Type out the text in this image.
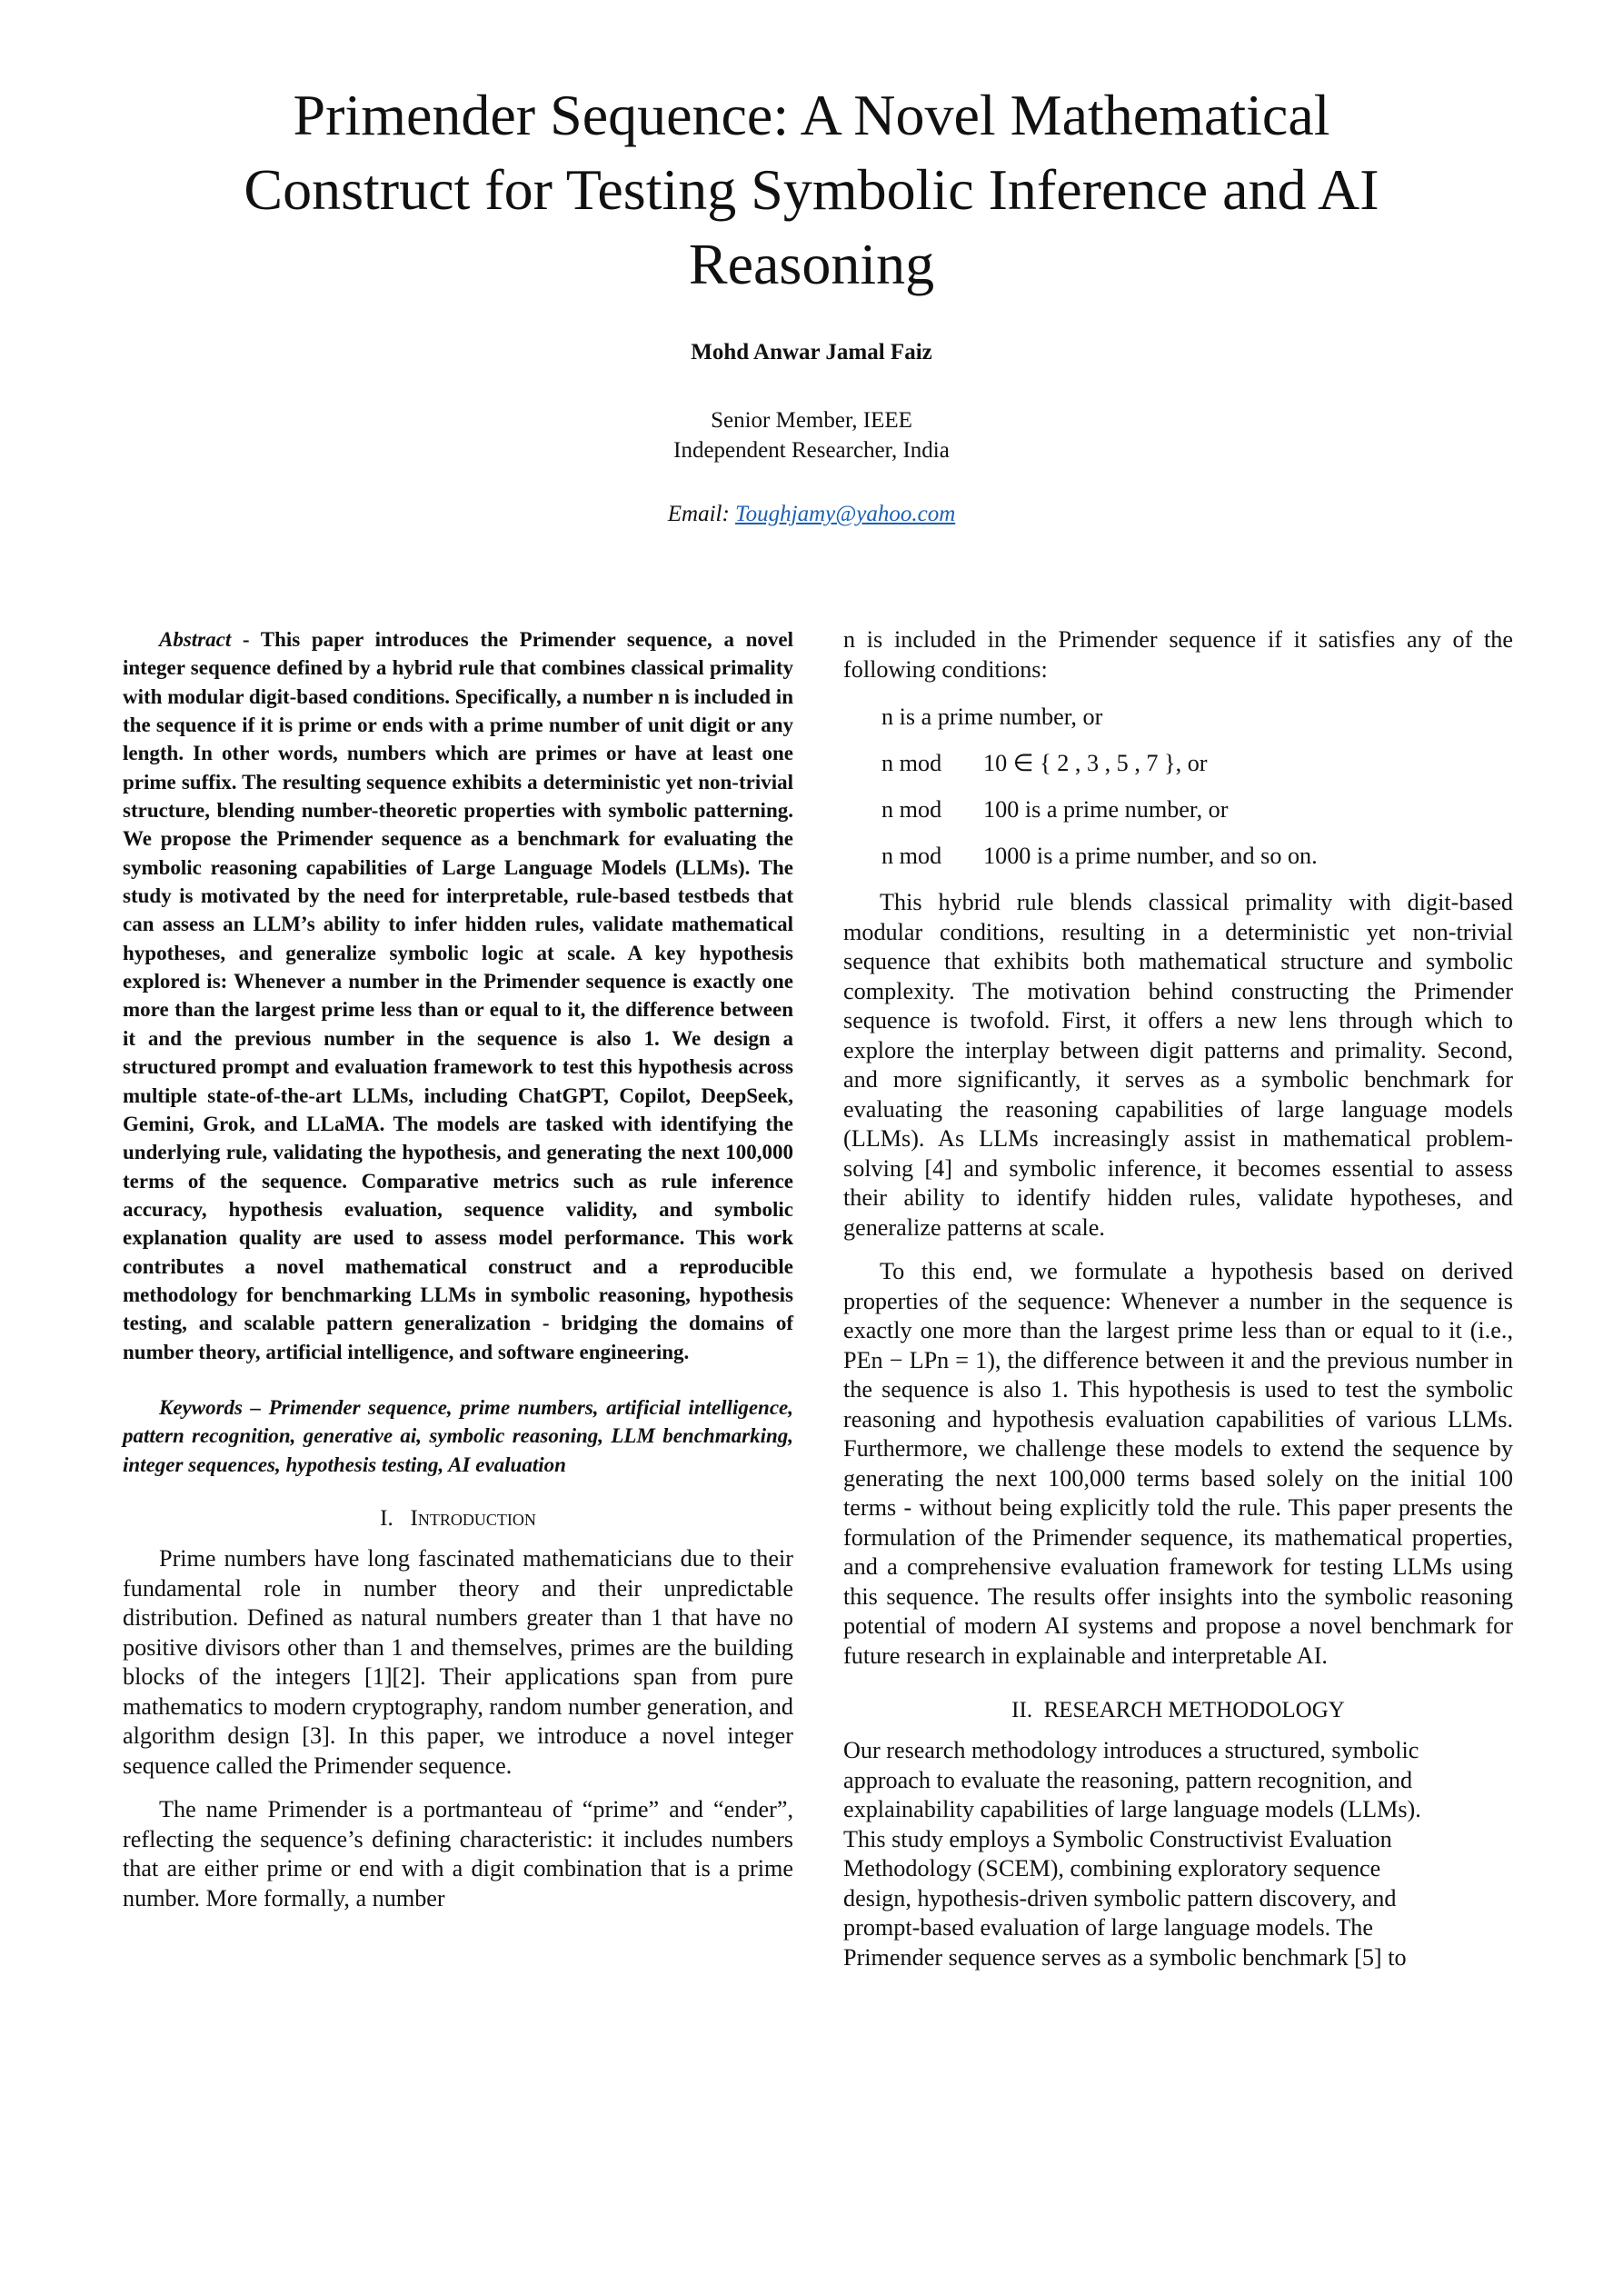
Primender Sequence: A Novel Mathematical
Construct for Testing Symbolic Inference and AI
Reasoning
Mohd Anwar Jamal Faiz
Senior Member, IEEE
Independent Researcher, India
Email: Toughjamy@yahoo.com

Abstract - This paper introduces the Primender sequence, a novel integer sequence defined by a hybrid rule that combines classical primality with modular digit-based conditions. Specifically, a number n is included in the sequence if it is prime or ends with a prime number of unit digit or any length. In other words, numbers which are primes or have at least one prime suffix. The resulting sequence exhibits a deterministic yet non-trivial structure, blending number-theoretic properties with symbolic patterning. We propose the Primender sequence as a benchmark for evaluating the symbolic reasoning capabilities of Large Language Models (LLMs). The study is motivated by the need for interpretable, rule-based testbeds that can assess an LLM’s ability to infer hidden rules, validate mathematical hypotheses, and generalize symbolic logic at scale. A key hypothesis explored is: Whenever a number in the Primender sequence is exactly one more than the largest prime less than or equal to it, the difference between it and the previous number in the sequence is also 1. We design a structured prompt and evaluation framework to test this hypothesis across multiple state-of-the-art LLMs, including ChatGPT, Copilot, DeepSeek, Gemini, Grok, and LLaMA. The models are tasked with identifying the underlying rule, validating the hypothesis, and generating the next 100,000 terms of the sequence. Comparative metrics such as rule inference accuracy, hypothesis evaluation, sequence validity, and symbolic explanation quality are used to assess model performance. This work contributes a novel mathematical construct and a reproducible methodology for benchmarking LLMs in symbolic reasoning, hypothesis testing, and scalable pattern generalization - bridging the domains of number theory, artificial intelligence, and software engineering.

Keywords – Primender sequence, prime numbers, artificial intelligence, pattern recognition, generative ai, symbolic reasoning, LLM benchmarking, integer sequences, hypothesis testing, AI evaluation

I. Introduction

Prime numbers have long fascinated mathematicians due to their fundamental role in number theory and their unpredictable distribution. Defined as natural numbers greater than 1 that have no positive divisors other than 1 and themselves, primes are the building blocks of the integers [1][2]. Their applications span from pure mathematics to modern cryptography, random number generation, and algorithm design [3]. In this paper, we introduce a novel integer sequence called the Primender sequence.

The name Primender is a portmanteau of “prime” and “ender”, reflecting the sequence’s defining characteristic: it includes numbers that are either prime or end with a digit combination that is a prime number. More formally, a number

n is included in the Primender sequence if it satisfies any of the following conditions:

n is a prime number, or
n mod 10 ∈ { 2 , 3 , 5 , 7 }, or
n mod 100 is a prime number, or
n mod 1000 is a prime number, and so on.

This hybrid rule blends classical primality with digit-based modular conditions, resulting in a deterministic yet non-trivial sequence that exhibits both mathematical structure and symbolic complexity. The motivation behind constructing the Primender sequence is twofold. First, it offers a new lens through which to explore the interplay between digit patterns and primality. Second, and more significantly, it serves as a symbolic benchmark for evaluating the reasoning capabilities of large language models (LLMs). As LLMs increasingly assist in mathematical problem-solving [4] and symbolic inference, it becomes essential to assess their ability to identify hidden rules, validate hypotheses, and generalize patterns at scale.

To this end, we formulate a hypothesis based on derived properties of the sequence: Whenever a number in the sequence is exactly one more than the largest prime less than or equal to it (i.e., PEn − LPn = 1), the difference between it and the previous number in the sequence is also 1. This hypothesis is used to test the symbolic reasoning and hypothesis evaluation capabilities of various LLMs. Furthermore, we challenge these models to extend the sequence by generating the next 100,000 terms based solely on the initial 100 terms - without being explicitly told the rule. This paper presents the formulation of the Primender sequence, its mathematical properties, and a comprehensive evaluation framework for testing LLMs using this sequence. The results offer insights into the symbolic reasoning potential of modern AI systems and propose a novel benchmark for future research in explainable and interpretable AI.

II. RESEARCH METHODOLOGY
Our research methodology introduces a structured, symbolic
approach to evaluate the reasoning, pattern recognition, and
explainability capabilities of large language models (LLMs).
This study employs a Symbolic Constructivist Evaluation
Methodology (SCEM), combining exploratory sequence
design, hypothesis-driven symbolic pattern discovery, and
prompt-based evaluation of large language models. The
Primender sequence serves as a symbolic benchmark [5] to
